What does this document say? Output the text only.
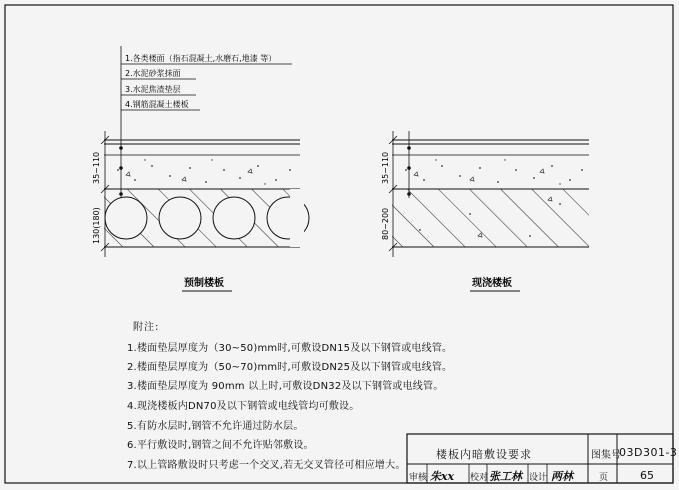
1.各类楼面（指石混凝土,水磨石,地漆 等）
2.水泥砂浆抹面
3.水泥焦渣垫层
4.钢筋混凝土楼板
35~110
130(180)
35~110
80~200
预制楼板	现浇楼板
附注:
1.楼面垫层厚度为（30~50)mm时,可敷设DN15及以下钢管或电线管。
2.楼面垫层厚度为（50~70)mm时,可敷设DN25及以下钢管或电线管。
3.楼面垫层厚度为 90mm 以上时,可敷设DN32及以下钢管或电线管。
4.现浇楼板内DN70及以下钢管或电线管均可敷设。
5.有防水层时,钢管不允许通过防水层。
6.平行敷设时,钢管之间不允许贴邻敷设。
7.以上管路敷设时只考虑一个交叉,若无交叉管径可相应增大。
楼板内暗敷设要求	图集号
03D301-3
审核 朱xx 校对 张工林 设计 两林	页	65
